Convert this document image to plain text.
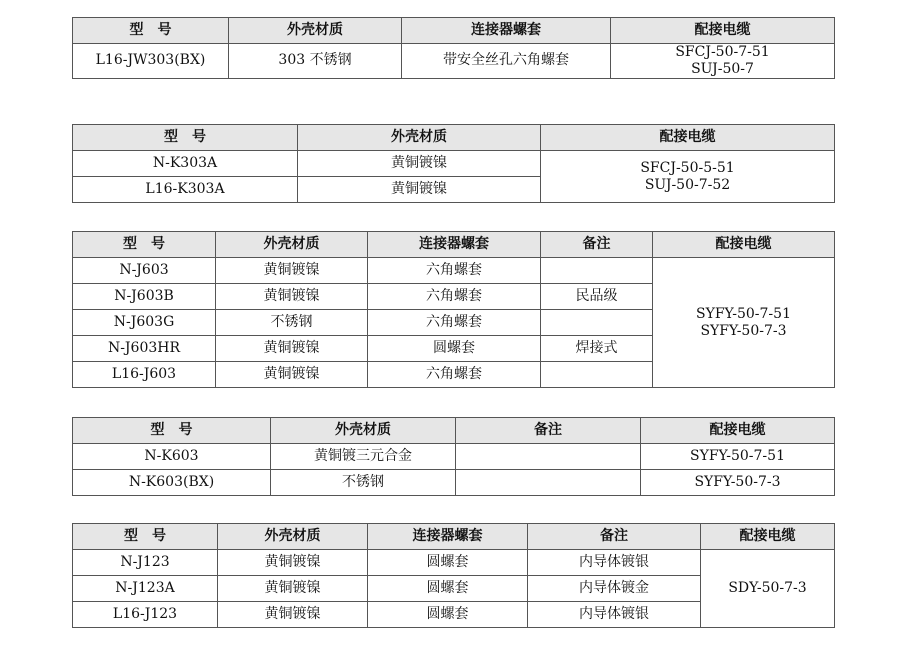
型　号	外壳材质	连接器螺套	配接电缆
L16-JW303(BX)	303 不锈钢	带安全丝孔六角螺套	SFCJ-50-7-51
SUJ-50-7
型　号	外壳材质	配接电缆
N-K303A	黄铜镀镍	SFCJ-50-5-51
SUJ-50-7-52

L16-K303A	黄铜镀镍	
型　号	外壳材质	连接器螺套	备注	配接电缆
N-J603	黄铜镀镍	六角螺套		SYFY-50-7-51
SYFY-50-7-3

N-J603B	黄铜镀镍	六角螺套	民品级	
N-J603G	不锈钢	六角螺套		
N-J603HR	黄铜镀镍	圆螺套	焊接式	
L16-J603	黄铜镀镍	六角螺套		
型　号	外壳材质	备注	配接电缆
N-K603	黄铜镀三元合金		SYFY-50-7-51
N-K603(BX)	不锈钢		SYFY-50-7-3
型　号	外壳材质	连接器螺套	备注	配接电缆
N-J123	黄铜镀镍	圆螺套	内导体镀银	SDY-50-7-3
N-J123A	黄铜镀镍	圆螺套	内导体镀金	
L16-J123	黄铜镀镍	圆螺套	内导体镀银	
